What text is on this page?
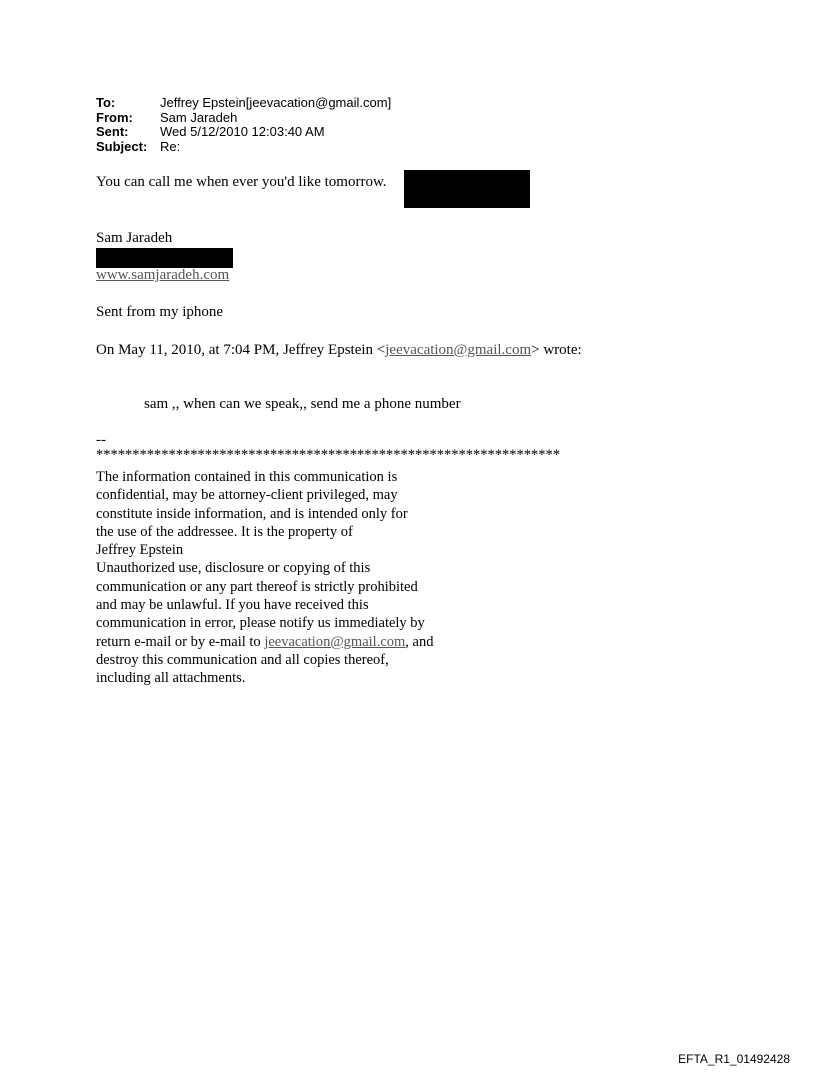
To:	Jeffrey Epstein[jeevacation@gmail.com]
From:	Sam Jaradeh
Sent:	Wed 5/12/2010 12:03:40 AM
Subject: Re:
You can call me when ever you'd like tomorrow.
Sam Jaradeh
www.samjaradeh.com
Sent from my iphone
On May 11, 2010, at 7:04 PM, Jeffrey Epstein <jeevacation@gmail.com> wrote:
sam ,, when can we speak,, send me a phone number
--
****************************************************************
The information contained in this communication is
confidential, may be attorney-client privileged, may
constitute inside information, and is intended only for
the use of the addressee. It is the property of
Jeffrey Epstein
Unauthorized use, disclosure or copying of this
communication or any part thereof is strictly prohibited
and may be unlawful. If you have received this
communication in error, please notify us immediately by
return e-mail or by e-mail to jeevacation@gmail.com, and
destroy this communication and all copies thereof,
including all attachments.
EFTA_R1_01492428
